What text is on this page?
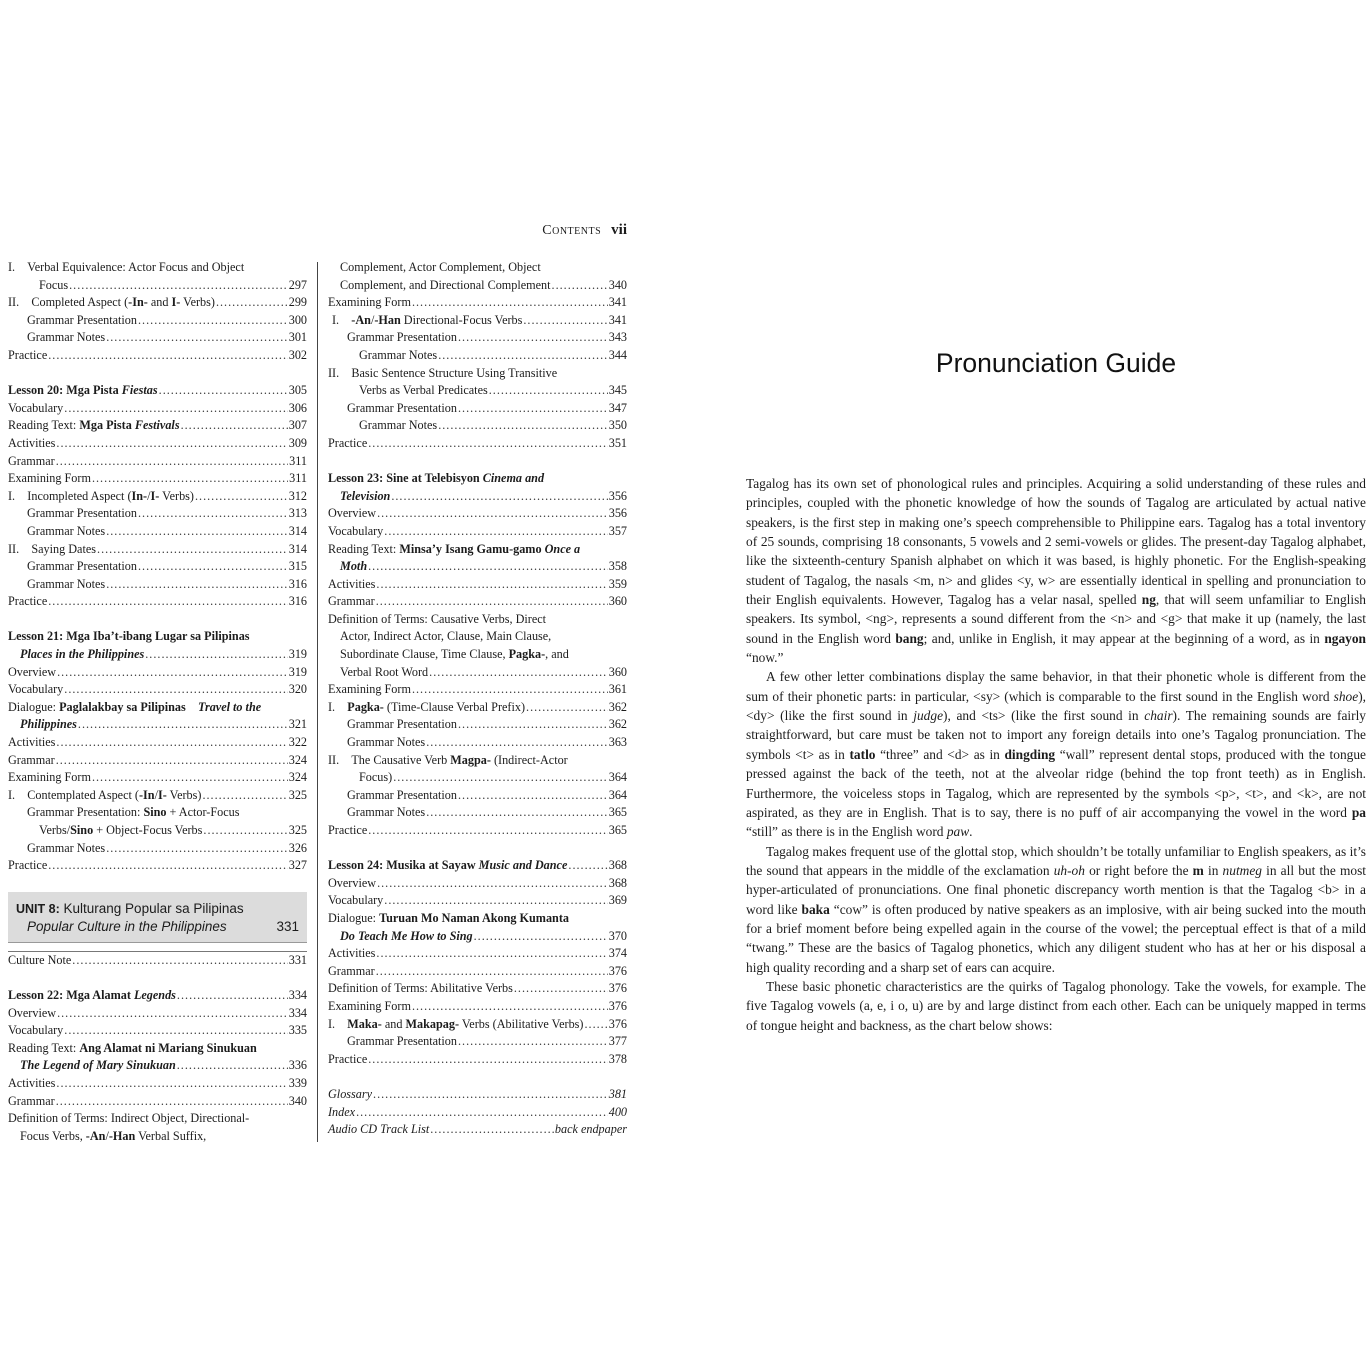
Contents vii
I. Verbal Equivalence: Actor Focus and Object
Focus .....	297
II. Completed Aspect (-In- and I- Verbs) .....	299
Grammar Presentation .....	300
Grammar Notes .....	301
Practice .....	302
Lesson 20: Mga Pista Fiestas .....	305
Vocabulary .....	306
Reading Text: Mga Pista Festivals .....	307
Activities .....	309
Grammar .....	311
Examining Form .....	311
I. Incompleted Aspect (In-/I- Verbs) .....	312
Grammar Presentation .....	313
Grammar Notes .....	314
II. Saying Dates .....	314
Grammar Presentation .....	315
Grammar Notes .....	316
Practice .....	316
Lesson 21: Mga Iba’t-ibang Lugar sa Pilipinas
Places in the Philippines .....	319
Overview .....	319
Vocabulary .....	320
Dialogue: Paglalakbay sa Pilipinas  Travel to the
Philippines .....	321
Activities .....	322
Grammar .....	324
Examining Form .....	324
I. Contemplated Aspect (-In/I- Verbs) .....	325
Grammar Presentation: Sino + Actor-Focus
Verbs/Sino + Object-Focus Verbs .....	325
Grammar Notes .....	326
Practice .....	327
UNIT 8: Kulturang Popular sa Pilipinas
Popular Culture in the Philippines	331
Culture Note .....	331
Lesson 22: Mga Alamat Legends .....	334
Overview .....	334
Vocabulary .....	335
Reading Text: Ang Alamat ni Mariang Sinukuan
The Legend of Mary Sinukuan .....	336
Activities .....	339
Grammar .....	340
Definition of Terms: Indirect Object, Directional-
Focus Verbs, -An/-Han Verbal Suffix,
Complement, Actor Complement, Object
Complement, and Directional Complement .....	340
Examining Form .....	341
I. -An/-Han Directional-Focus Verbs .....	341
Grammar Presentation .....	343
Grammar Notes .....	344
II. Basic Sentence Structure Using Transitive
Verbs as Verbal Predicates .....	345
Grammar Presentation .....	347
Grammar Notes .....	350
Practice .....	351
Lesson 23: Sine at Telebisyon Cinema and
Television .....	356
Overview .....	356
Vocabulary .....	357
Reading Text: Minsa’y Isang Gamu-gamo Once a
Moth .....	358
Activities .....	359
Grammar .....	360
Definition of Terms: Causative Verbs, Direct
Actor, Indirect Actor, Clause, Main Clause,
Subordinate Clause, Time Clause, Pagka-, and
Verbal Root Word .....	360
Examining Form .....	361
I. Pagka- (Time-Clause Verbal Prefix) .....	362
Grammar Presentation .....	362
Grammar Notes .....	363
II. The Causative Verb Magpa- (Indirect-Actor
Focus) .....	364
Grammar Presentation .....	364
Grammar Notes .....	365
Practice .....	365
Lesson 24: Musika at Sayaw Music and Dance .....	368
Overview .....	368
Vocabulary .....	369
Dialogue: Turuan Mo Naman Akong Kumanta
Do Teach Me How to Sing .....	370
Activities .....	374
Grammar .....	376
Definition of Terms: Abilitative Verbs .....	376
Examining Form .....	376
I. Maka- and Makapag- Verbs (Abilitative Verbs) ..... 376
Grammar Presentation .....	377
Practice .....	378
Glossary .....	381
Index .....	400
Audio CD Track List .....	back endpaper
Pronunciation Guide

Tagalog has its own set of phonological rules and principles. Acquiring a solid understanding of these rules and principles, coupled with the phonetic knowledge of how the sounds of Tagalog are articulated by actual native speakers, is the first step in making one’s speech comprehensible to Philippine ears. Tagalog has a total inventory of 25 sounds, comprising 18 consonants, 5 vowels and 2 semi-vowels or glides. The present-day Tagalog alphabet, like the sixteenth-century Spanish alphabet on which it was based, is highly phonetic. For the English-speaking student of Tagalog, the nasals <m, n> and glides <y, w> are essentially identical in spelling and pronunciation to their English equivalents. However, Tagalog has a velar nasal, spelled ng, that will seem unfamiliar to English speakers. Its symbol, <ng>, represents a sound different from the <n> and <g> that make it up (namely, the last sound in the English word bang; and, unlike in English, it may appear at the beginning of a word, as in ngayon “now.”

A few other letter combinations display the same behavior, in that their phonetic whole is different from the sum of their phonetic parts: in particular, <sy> (which is comparable to the first sound in the English word shoe), <dy> (like the first sound in judge), and <ts> (like the first sound in chair). The remaining sounds are fairly straightforward, but care must be taken not to import any foreign details into one’s Tagalog pronunciation. The symbols <t> as in tatlo “three” and <d> as in dingding “wall” represent dental stops, produced with the tongue pressed against the back of the teeth, not at the alveolar ridge (behind the top front teeth) as in English. Furthermore, the voiceless stops in Tagalog, which are represented by the symbols <p>, <t>, and <k>, are not aspirated, as they are in English. That is to say, there is no puff of air accompanying the vowel in the word pa “still” as there is in the English word paw.

Tagalog makes frequent use of the glottal stop, which shouldn’t be totally unfamiliar to English speakers, as it’s the sound that appears in the middle of the exclamation uh-oh or right before the m in nutmeg in all but the most hyper-articulated of pronunciations. One final phonetic discrepancy worth mention is that the Tagalog <b> in a word like baka “cow” is often produced by native speakers as an implosive, with air being sucked into the mouth for a brief moment before being expelled again in the course of the vowel; the perceptual effect is that of a mild “twang.” These are the basics of Tagalog phonetics, which any diligent student who has at her or his disposal a high quality recording and a sharp set of ears can acquire.

These basic phonetic characteristics are the quirks of Tagalog phonology. Take the vowels, for example. The five Tagalog vowels (a, e, i o, u) are by and large distinct from each other. Each can be uniquely mapped in terms of tongue height and backness, as the chart below shows:
